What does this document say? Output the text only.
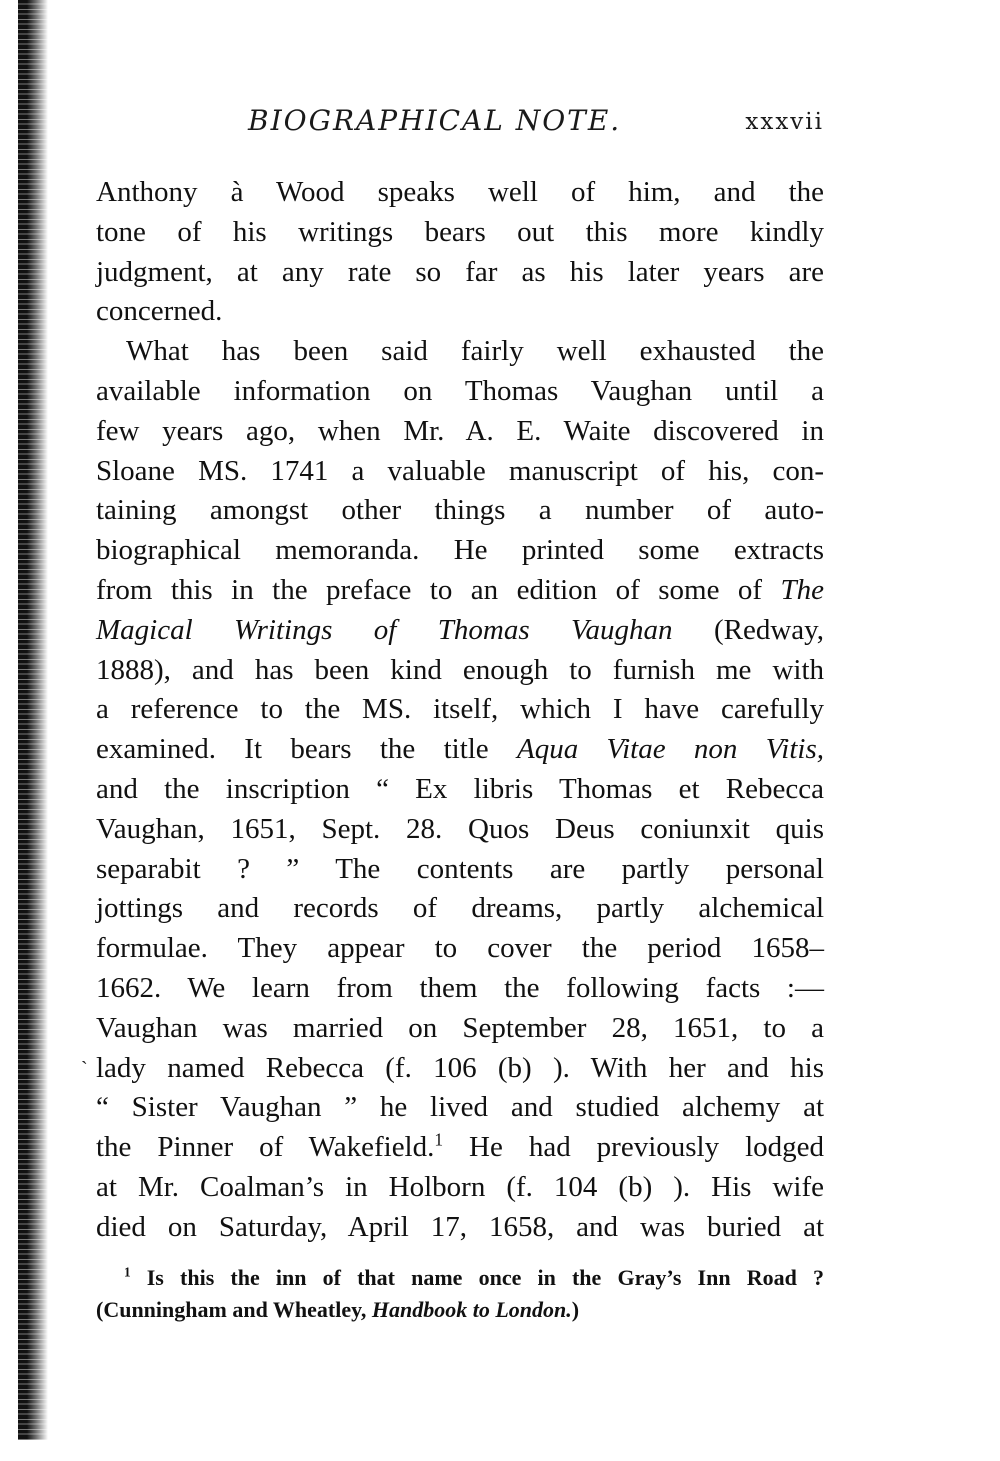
BIOGRAPHICAL NOTE.	xxxvii
Anthony à Wood speaks well of him, and the
tone of his writings bears out this more kindly
judgment, at any rate so far as his later years are
concerned.
What has been said fairly well exhausted the
available information on Thomas Vaughan until a
few years ago, when Mr. A. E. Waite discovered in
Sloane MS. 1741 a valuable manuscript of his, con-
taining amongst other things a number of auto-
biographical memoranda. He printed some extracts
from this in the preface to an edition of some of The
Magical Writings of Thomas Vaughan (Redway,
1888), and has been kind enough to furnish me with
a reference to the MS. itself, which I have carefully
examined. It bears the title Aqua Vitae non Vitis,
and the inscription “ Ex libris Thomas et Rebecca
Vaughan, 1651, Sept. 28. Quos Deus coniunxit quis
separabit ? ” The contents are partly personal
jottings and records of dreams, partly alchemical
formulae. They appear to cover the period 1658–
1662. We learn from them the following facts :—
Vaughan was married on September 28, 1651, to a
lady named Rebecca (f. 106 (b) ). With her and his
“ Sister Vaughan ” he lived and studied alchemy at
the Pinner of Wakefield.$^1$ He had previously lodged
at Mr. Coalman’s in Holborn (f. 104 (b) ). His wife
died on Saturday, April 17, 1658, and was buried at
ˋ
$^1$ Is this the inn of that name once in the Gray’s Inn Road ?
(Cunningham and Wheatley, Handbook to London.)
